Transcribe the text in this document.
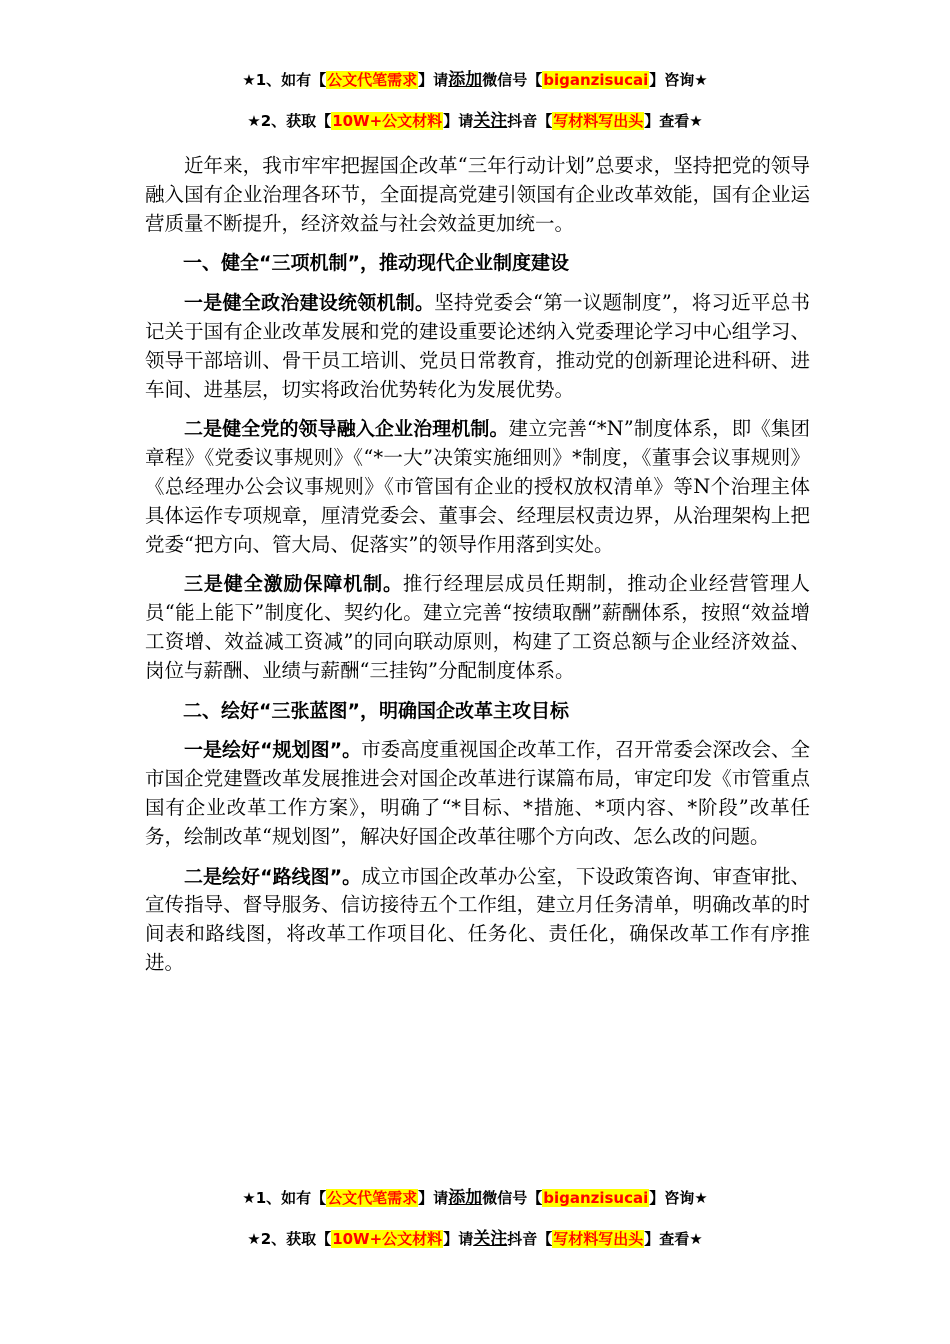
★1、如有【公文代笔需求】请添加微信号【biganzisucai】咨询★
★2、获取【10W+公文材料】请关注抖音【写材料写出头】查看★

近年来，我市牢牢把握国企改革“三年行动计划”总要求，坚持把党的领导融入国有企业治理各环节，全面提高党建引领国有企业改革效能，国有企业运营质量不断提升，经济效益与社会效益更加统一。

一、健全“三项机制”，推动现代企业制度建设

一是健全政治建设统领机制。坚持党委会“第一议题制度”，将习近平总书记关于国有企业改革发展和党的建设重要论述纳入党委理论学习中心组学习、领导干部培训、骨干员工培训、党员日常教育，推动党的创新理论进科研、进车间、进基层，切实将政治优势转化为发展优势。

二是健全党的领导融入企业治理机制。建立完善“*N”制度体系，即《集团章程》《党委议事规则》《“*一大”决策实施细则》*制度，《董事会议事规则》《总经理办公会议事规则》《市管国有企业的授权放权清单》等N个治理主体具体运作专项规章，厘清党委会、董事会、经理层权责边界，从治理架构上把党委“把方向、管大局、促落实”的领导作用落到实处。

三是健全激励保障机制。推行经理层成员任期制，推动企业经营管理人员“能上能下”制度化、契约化。建立完善“按绩取酬”薪酬体系，按照“效益增工资增、效益减工资减”的同向联动原则，构建了工资总额与企业经济效益、岗位与薪酬、业绩与薪酬“三挂钩”分配制度体系。

二、绘好“三张蓝图”，明确国企改革主攻目标

一是绘好“规划图”。市委高度重视国企改革工作，召开常委会深改会、全市国企党建暨改革发展推进会对国企改革进行谋篇布局，审定印发《市管重点国有企业改革工作方案》，明确了“*目标、*措施、*项内容、*阶段”改革任务，绘制改革“规划图”，解决好国企改革往哪个方向改、怎么改的问题。

二是绘好“路线图”。成立市国企改革办公室，下设政策咨询、审查审批、宣传指导、督导服务、信访接待五个工作组，建立月任务清单，明确改革的时间表和路线图，将改革工作项目化、任务化、责任化，确保改革工作有序推进。

★1、如有【公文代笔需求】请添加微信号【biganzisucai】咨询★
★2、获取【10W+公文材料】请关注抖音【写材料写出头】查看★
